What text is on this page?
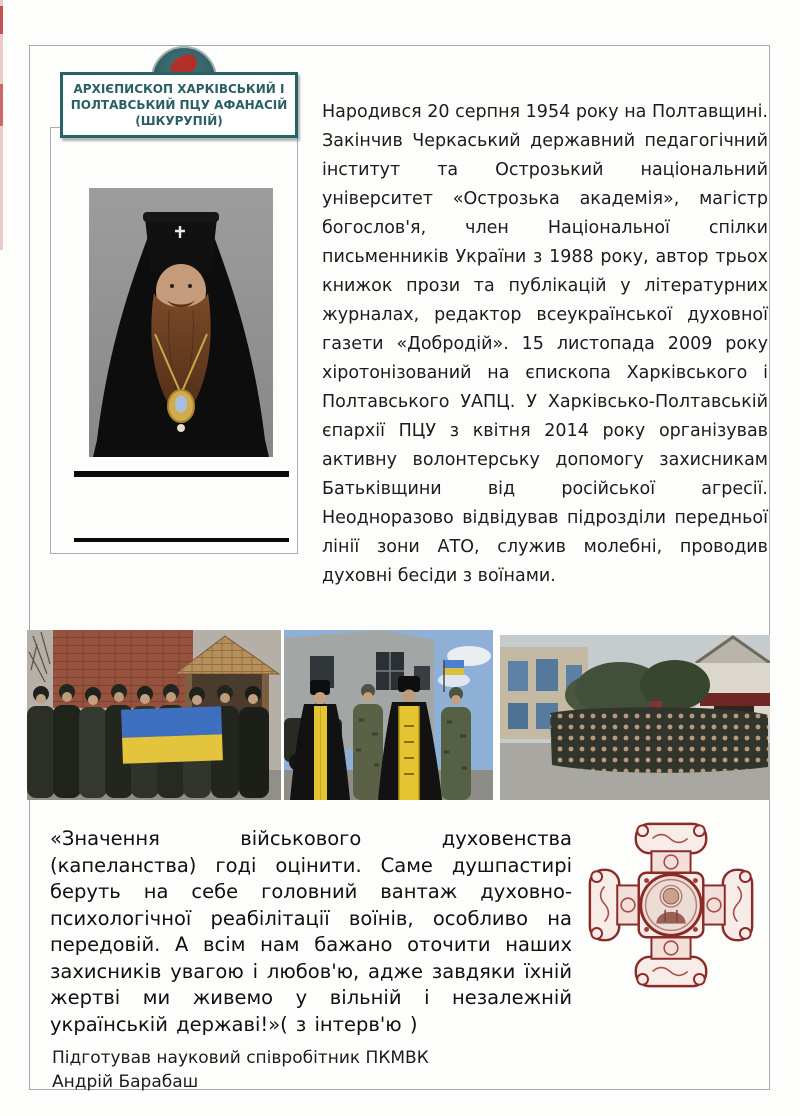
АРХІЄПИСКОП ХАРКІВСЬКИЙ І
ПОЛТАВСЬКИЙ ПЦУ АФАНАСІЙ
(ШКУРУПІЙ)	Народився 20 серпня 1954 року на Полтавщині. Закінчив Черкаський державний педагогічний інститут та Острозький національний університет «Острозька академія», магістр богослов'я, член Національної спілки письменників України з 1988 року, автор трьох книжок прози та публікацій у літературних журналах, редактор всеукраїнської духовної газети «Добродій». 15 листопада 2009 року хіротонізований на єпископа Харківського і Полтавського УАПЦ. У Харківсько-Полтавській єпархії ПЦУ з квітня 2014 року організував активну волонтерську допомогу захисникам Батьківщини від російської агресії. Неодноразово відвідував підрозділи передньої лінії зони АТО, служив молебні, проводив духовні бесіди з воїнами.
«Значення військового духовенства (капеланства) годі оцінити. Саме душпастирі беруть на себе головний вантаж духовно-психологічної реабілітації воїнів, особливо на передовій. А всім нам бажано оточити наших захисників увагою і любов'ю, адже завдяки їхній жертві ми живемо у вільній і незалежній українській державі!»( з інтерв'ю )
Підготував науковий співробітник ПКМВК Андрій Барабаш
